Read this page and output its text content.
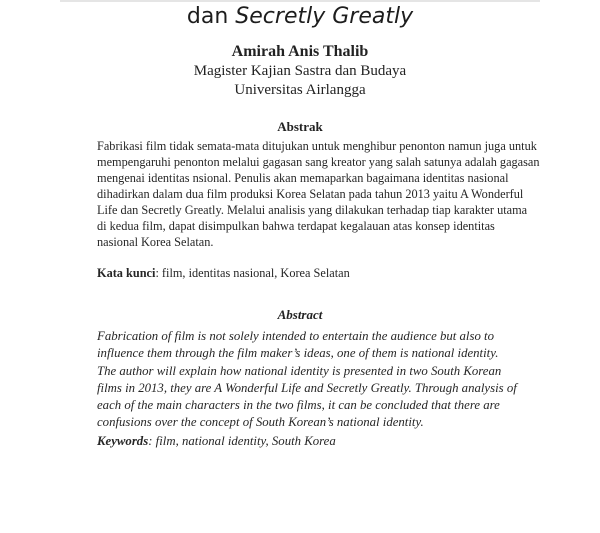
dan Secretly Greatly
Amirah Anis Thalib
Magister Kajian Sastra dan Budaya
Universitas Airlangga
Abstrak
Fabrikasi film tidak semata-mata ditujukan untuk menghibur penonton namun juga untuk
mempengaruhi penonton melalui gagasan sang kreator yang salah satunya adalah gagasan
mengenai identitas nsional. Penulis akan memaparkan bagaimana identitas nasional
dihadirkan dalam dua film produksi Korea Selatan pada tahun 2013 yaitu A Wonderful
Life dan Secretly Greatly. Melalui analisis yang dilakukan terhadap tiap karakter utama
di kedua film, dapat disimpulkan bahwa terdapat kegalauan atas konsep identitas
nasional Korea Selatan.
Kata kunci: film, identitas nasional, Korea Selatan
Abstract
Fabrication of film is not solely intended to entertain the audience but also to
influence them through the film maker’s ideas, one of them is national identity.
The author will explain how national identity is presented in two South Korean
films in 2013, they are A Wonderful Life and Secretly Greatly. Through analysis of
each of the main characters in the two films, it can be concluded that there are
confusions over the concept of South Korean’s national identity.
Keywords: film, national identity, South Korea
